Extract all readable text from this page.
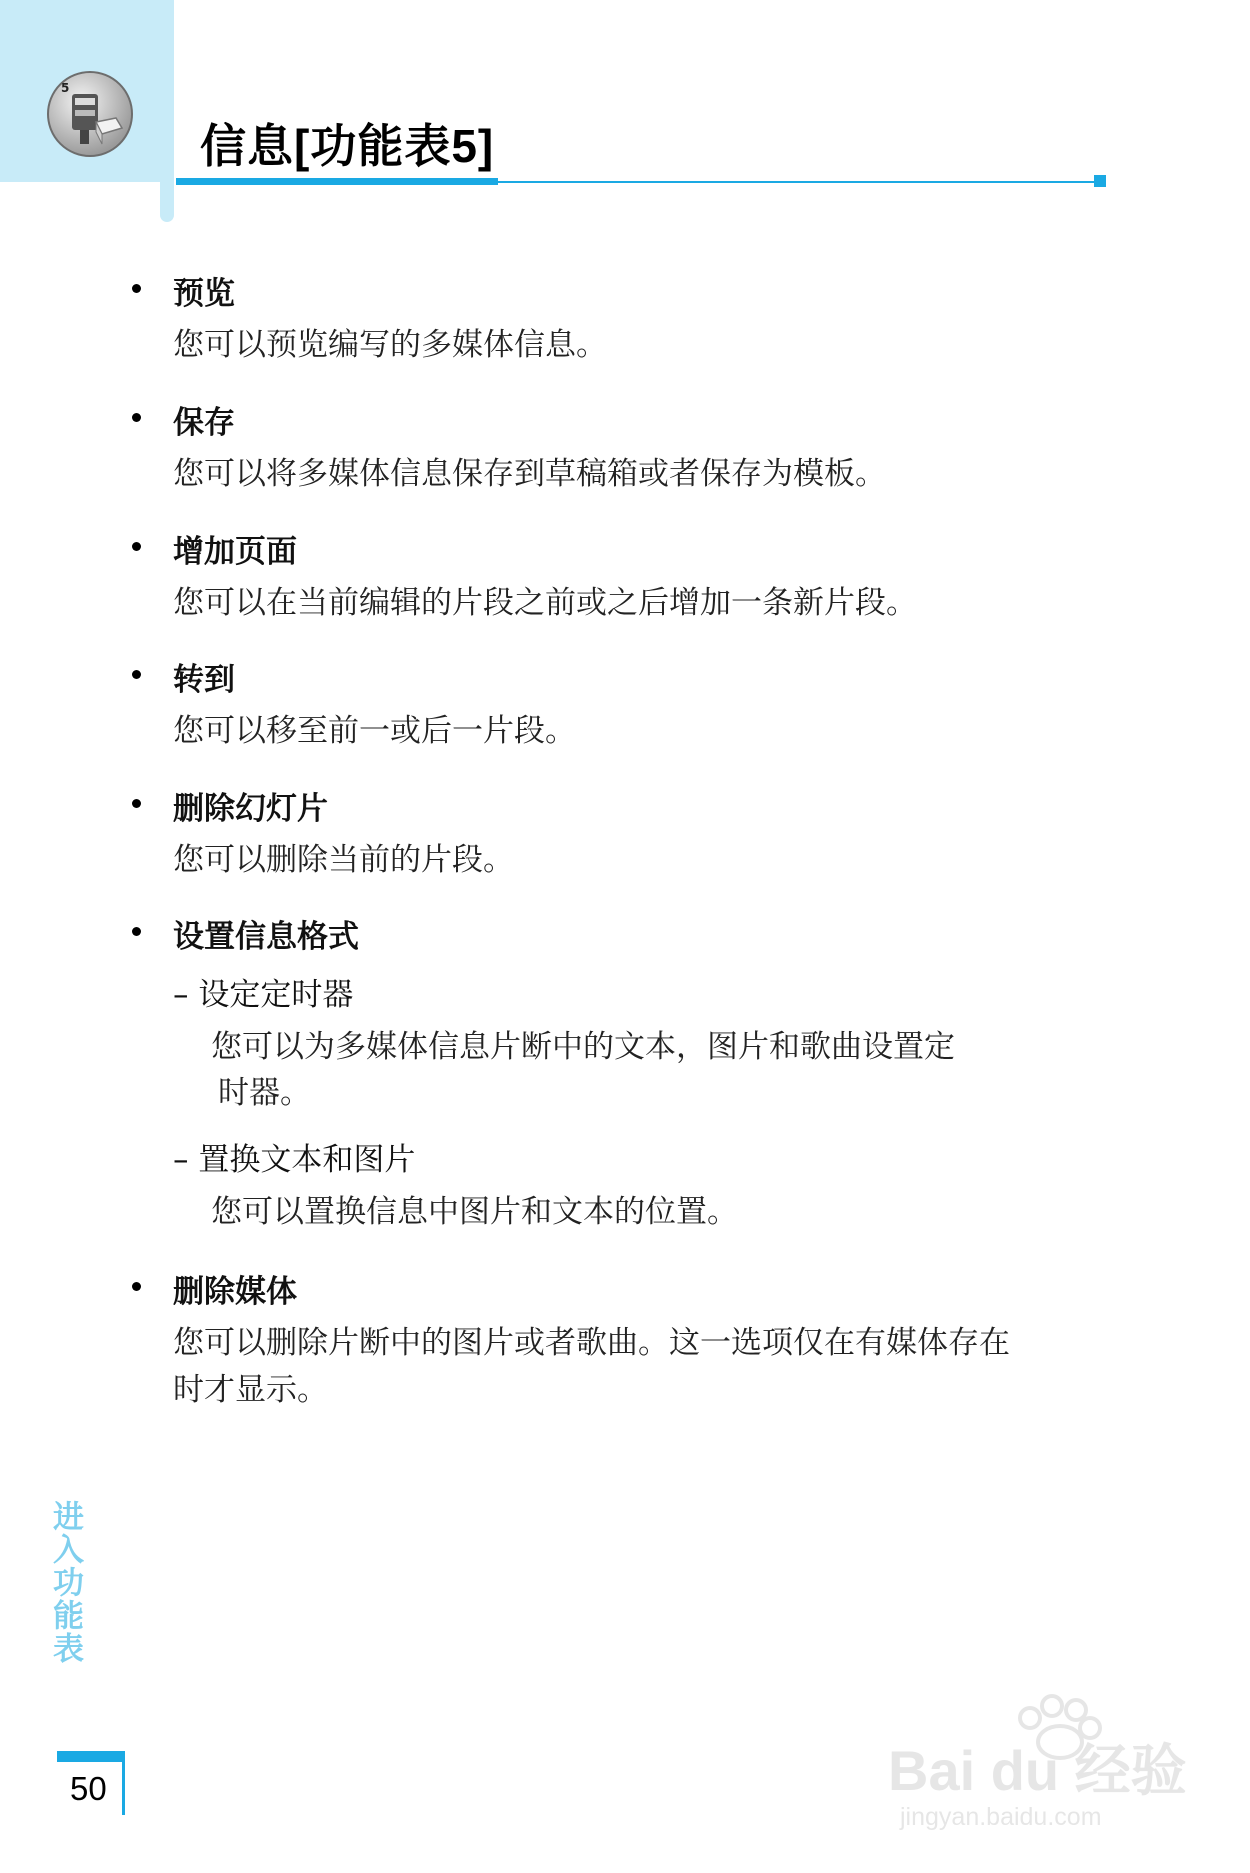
5
信息[功能表5]
预览
您可以预览编写的多媒体信息。
保存
您可以将多媒体信息保存到草稿箱或者保存为模板。
增加页面
您可以在当前编辑的片段之前或之后增加一条新片段。
转到
您可以移至前一或后一片段。
删除幻灯片
您可以删除当前的片段。
设置信息格式
– 设定定时器
您可以为多媒体信息片断中的文本，图片和歌曲设置定
时器。
– 置换文本和图片
您可以置换信息中图片和文本的位置。
删除媒体
您可以删除片断中的图片或者歌曲。这一选项仅在有媒体存在
时才显示。
进入功能表
50	Bai du 经验
jingyan.baidu.com
